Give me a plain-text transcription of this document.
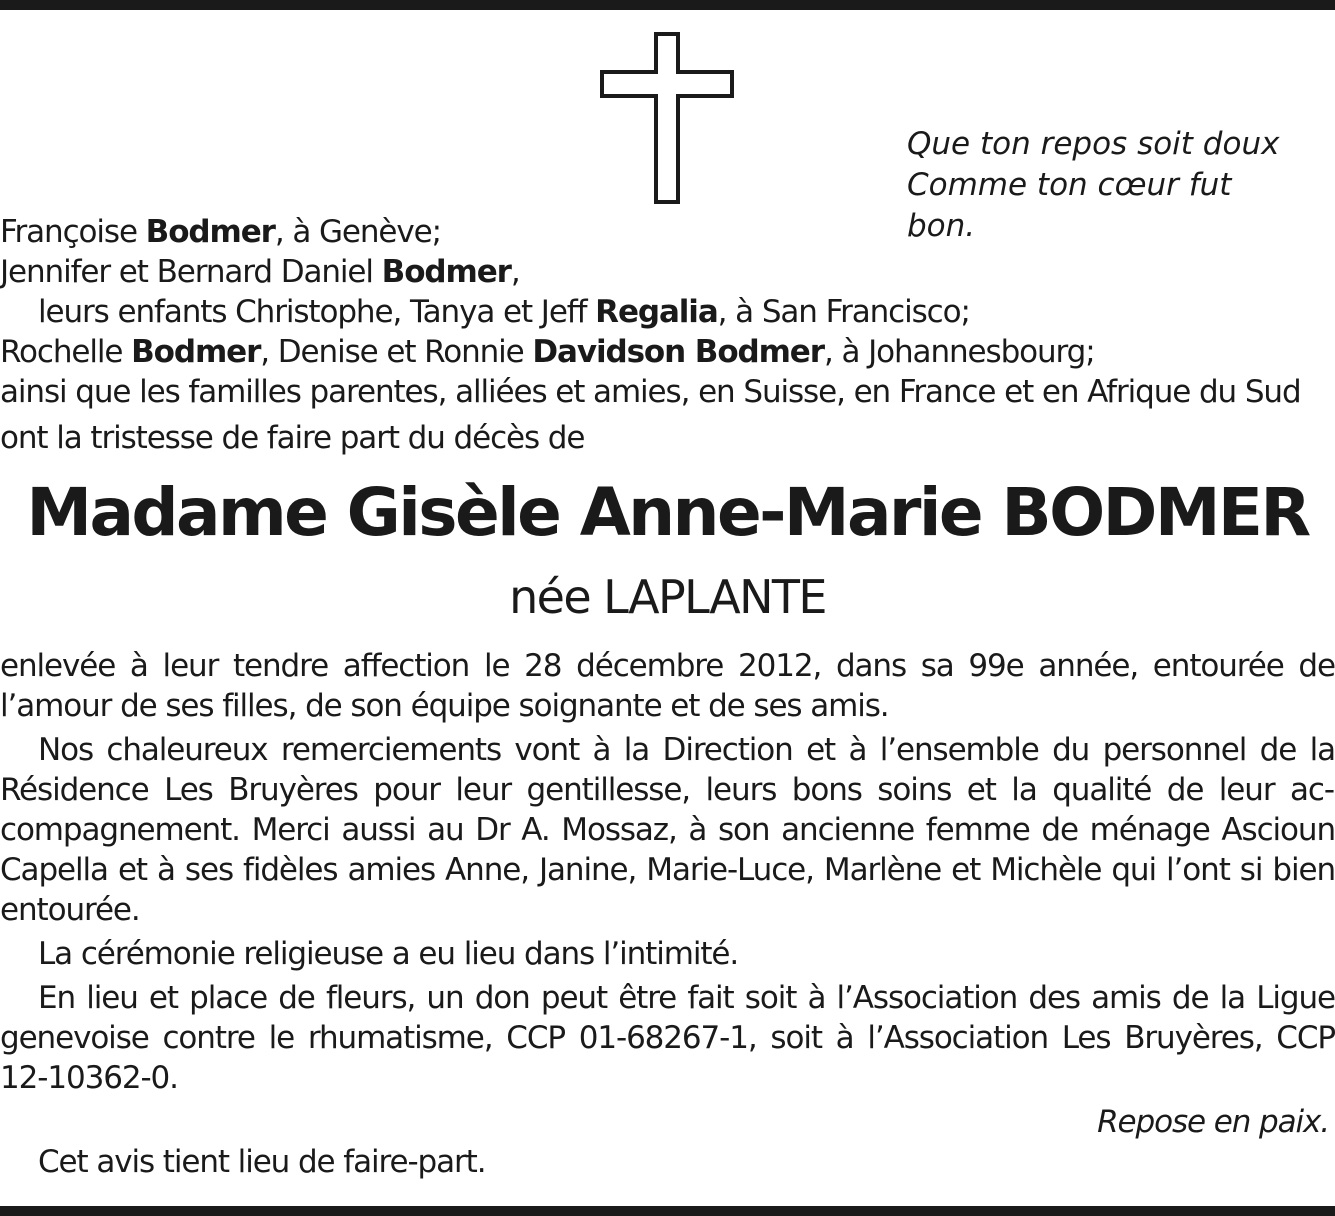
Que ton repos soit doux
Comme ton cœur fut bon.
Françoise Bodmer, à Genève;
Jennifer et Bernard Daniel Bodmer,
leurs enfants Christophe, Tanya et Jeff Regalia, à San Francisco;
Rochelle Bodmer, Denise et Ronnie Davidson Bodmer, à Johannesbourg;
ainsi que les familles parentes, alliées et amies, en Suisse, en France et en Afrique du Sud
ont la tristesse de faire part du décès de
Madame Gisèle Anne-Marie BODMER
née LAPLANTE

enlevée à leur tendre affection le 28 décembre 2012, dans sa 99e année, entourée de l’amour de ses filles, de son équipe soignante et de ses amis.

Nos chaleureux remerciements vont à la Direction et à l’ensemble du personnel de la Résidence Les Bruyères pour leur gentillesse, leurs bons soins et la qualité de leur accompagnement. Merci aussi au Dr A. Mossaz, à son ancienne femme de ménage Ascioun Capella et à ses fidèles amies Anne, Janine, Marie-Luce, Marlène et Michèle qui l’ont si bien entourée.

La cérémonie religieuse a eu lieu dans l’intimité.

En lieu et place de fleurs, un don peut être fait soit à l’Association des amis de la Ligue genevoise contre le rhumatisme, CCP 01-68267-1, soit à l’Association Les Bruyères, CCP 12-10362-0.

Repose en paix.

Cet avis tient lieu de faire-part.
